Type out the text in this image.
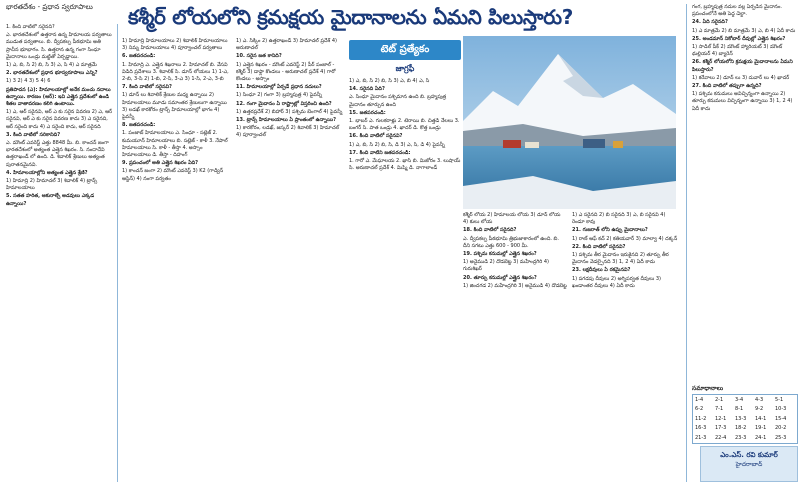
భారతదేశం - ప్రధాన స్వరూపాలు కశ్మీర్ లోయలోని క్రమక్షయ మైదానాలను ఏమని పిలుస్తారు?

1. కింది వాటిలో సరైనది?

ఎ. భారతదేశంలో ఉత్తరాన ఉన్న హిమాలయ పర్వతాలు ముడుత పర్వతాలు. బి. ద్వీపకల్ప పీఠభూమి అతి ప్రాచీన భూభాగం. సి. ఉత్తరాన ఉన్న గంగా సింధూ మైదానాలు ఒండ్రు మట్టితో ఏర్పడ్డాయి.

1) ఎ, బి, సి 2) బి, సి 3) ఎ, సి 4) ఎ మాత్రమే

2. భారతదేశంలో ప్రధాన భూస్వరూపాలు ఎన్ని?

1) 3 2) 4 3) 5 4) 6

ప్రతిపాదన (ఎ): హిమాలయాల్లో అనేక మంచు నదాలు ఉన్నాయి. కారణం (ఆర్): ఇవి ఎత్తైన ప్రదేశంలో ఉండి శీతల వాతావరణం కలిగి ఉంటాయి.

1) ఎ, ఆర్ సరైనవి, ఆర్ ఎ కు సరైన వివరణ 2) ఎ, ఆర్ సరైనవి, ఆర్ ఎ కు సరైన వివరణ కాదు 3) ఎ సరైనది, ఆర్ సరైంది కాదు 4) ఎ సరైంది కాదు, ఆర్ సరైనది

3. కింది వాటిలో సరికానిది?

ఎ. మౌంట్ ఎవరెస్ట్ ఎత్తు 8848 మీ. బి. కాంచన్ జంగా భారతదేశంలో అత్యంత ఎత్తైన శిఖరం. సి. నందాదేవి ఉత్తరాఖండ్ లో ఉంది. డి. శివాలిక్ శ్రేణులు అత్యంత పురాతనమైనవి.

4. హిమాలయాల్లోని అత్యంత ఎత్తైన శ్రేణి?

1) హిమాద్రి 2) హిమాచల్ 3) శివాలిక్ 4) ట్రాన్స్ హిమాలయాలు

5. సతత హరిత, ఆకురాల్చే అడవులు ఎక్కడ ఉన్నాయి?

1) హిమాద్రి హిమాలయాలు 2) శివాలిక్ హిమాలయాలు 3) నిమ్న హిమాలయాలు 4) పూర్వాంచల్ పర్వతాలు

6. జతపరచండి:

1. హిమాద్రి ఎ. ఎత్తైన శిఖరాలు 2. హిమాచల్ బి. వేసవి విడిది ప్రదేశాలు 3. శివాలిక్ సి. డూన్ లోయలు 1) 1-ఎ, 2-బి, 3-సి 2) 1-బి, 2-సి, 3-ఎ 3) 1-సి, 2-ఎ, 3-బి

7. కింది వాటిలో సరైనవి?

1) డూన్ లు శివాలిక్ శ్రేణుల మధ్య ఉన్నాయి 2) హిమాలయాలు మూడు సమాంతర శ్రేణులుగా ఉన్నాయి 3) లడఖ్ కారకోరం ట్రాన్స్ హిమాలయాల్లో భాగం 4) పైవన్నీ

8. జతపరచండి:

1. పంజాబ్ హిమాలయాలు ఎ. సింధూ - సట్లెజ్ 2. కుమయూన్ హిమాలయాలు బి. సట్లెజ్ - కాళీ 3. నేపాల్ హిమాలయాలు సి. కాళీ - తీస్తా 4. అస్సాం హిమాలయాలు డి. తీస్తా - దిహంగ్

9. ప్రపంచంలో అతి ఎత్తైన శిఖరం ఏది?

1) కాంచన్ జంగా 2) మౌంట్ ఎవరెస్ట్ 3) K2 (గాడ్విన్ ఆస్టిన్) 4) నంగా పర్వతం

1) ఎ. సిక్కిం 2) ఉత్తరాఖండ్ 3) హిమాచల్ ప్రదేశ్ 4) అరుణాచల్

10. సరైన జత కానిది?

1) ఎత్తైన శిఖరం - మౌంట్ ఎవరెస్ట్ 2) పీర్ పంజాల్ - కశ్మీర్ 3) డాఫ్లా కొండలు - అరుణాచల్ ప్రదేశ్ 4) గారో కొండలు - అస్సాం

11. హిమాలయాల్లో ఏర్పడే ప్రధాన నదులు?

1) సింధూ 2) గంగా 3) బ్రహ్మపుత్ర 4) పైవన్నీ

12. గంగా మైదానం ఏ రాష్ట్రాల్లో విస్తరించి ఉంది?

1) ఉత్తరప్రదేశ్ 2) బిహార్ 3) పశ్చిమ బెంగాల్ 4) పైవన్నీ

13. ట్రాన్స్ హిమాలయాలు ఏ ప్రాంతంలో ఉన్నాయి?

1) కారకోరం, లడఖ్, జస్కర్ 2) శివాలిక్ 3) హిమాచల్ 4) పూర్వాంచల్

టెట్ ప్రత్యేకం
జాగ్రఫీ

1) ఎ, బి, సి 2) బి, సి 3) ఎ, బి 4) ఎ, సి

14. సరైనది ఏది?

ఎ. సింధూ మైదానం పశ్చిమాన ఉంది బి. బ్రహ్మపుత్ర మైదానం తూర్పున ఉంది

15. జతపరచండి:

1. భాబర్ ఎ. గులకరాళ్లు 2. టెరాయి బి. చిత్తడి నేలలు 3. బంగర్ సి. పాత ఒండ్రు 4. ఖాదర్ డి. కొత్త ఒండ్రు

16. కింది వాటిలో సరైనవి?

1) ఎ, బి, సి 2) బి, సి, డి 3) ఎ, సి, డి 4) పైవన్నీ

17. కింది వాటిని జతపరచండి:

1. గారో ఎ. మేఘాలయ 2. ఖాసి బి. మిజోరం 3. లుషాయ్ సి. అరుణాచల్ ప్రదేశ్ 4. మిష్మి డి. నాగాలాండ్

కశ్మీర్ లోయ 2) హిమాలయ లోయ 3) డూన్ లోయ 4) కులు లోయ

18. కింది వాటిలో సరైనది?

ఎ. ద్వీపకల్ప పీఠభూమి త్రిభుజాకారంలో ఉంది. బి. దీని సగటు ఎత్తు 600 - 900 మీ.

19. పశ్చిమ కనుమల్లో ఎత్తైన శిఖరం?

1) అనైముడి 2) దొడబెట్ట 3) మహేంద్రగిరి 4) గురుశిఖర్

20. తూర్పు కనుమల్లో ఎత్తైన శిఖరం?

1) జిందగడ 2) మహేంద్రగిరి 3) అనైముడి 4) దొడబెట్ట

1) ఎ సరైనది 2) బి సరైనది 3) ఎ, బి సరైనవి 4) రెండూ కావు

21. గుజరాత్ లోని ఉప్పు మైదానాలు?

1) రాణ్ ఆఫ్ కచ్ 2) కతియవార్ 3) మాల్వా 4) దక్కన్

22. కింది వాటిలో సరైనవి?

1) పశ్చిమ తీర మైదానం ఇరుకైనది 2) తూర్పు తీర మైదానం వెడల్పైనది 3) 1, 2 4) ఏదీ కాదు

23. లక్షదీవులు ఏ రకమైనవి?

1) పగడపు దీవులు 2) అగ్నిపర్వత దీవులు 3) ఖండాంతర దీవులు 4) ఏదీ కాదు

గంగ, బ్రహ్మపుత్ర నదుల వల్ల ఏర్పడిన మైదానం. ప్రపంచంలోనే అతి పెద్ద డెల్టా.

24. ఏది సరైనది?

1) ఎ మాత్రమే 2) బి మాత్రమే 3) ఎ, బి 4) ఏదీ కాదు

25. అండమాన్ నికోబార్ దీవుల్లో ఎత్తైన శిఖరం?

1) సాడిల్ పీక్ 2) మౌంట్ హ్యారియట్ 3) మౌంట్ థుల్లియర్ 4) బ్యారెన్

26. కశ్మీర్ లోయలోని క్రమక్షయ మైదానాలను ఏమని పిలుస్తారు?

1) కరేవాలు 2) డూన్ లు 3) దువార్ లు 4) ఖాదర్

27. కింది వాటిలో తప్పుగా ఉన్నది?

1) పశ్చిమ కనుమలు అవిచ్ఛిన్నంగా ఉన్నాయి 2) తూర్పు కనుమలు విచ్ఛిన్నంగా ఉన్నాయి 3) 1, 2 4) ఏదీ కాదు

సమాధానాలు
1-4	2-1	3-4	4-3	5-1
6-2	7-1	8-1	9-2	10-3
11-2	12-1	13-3	14-1	15-4
16-3	17-3	18-2	19-1	20-2
21-3	22-4	23-3	24-1	25-3
ఎం.ఎస్. రవి కుమార్
హైదరాబాద్
